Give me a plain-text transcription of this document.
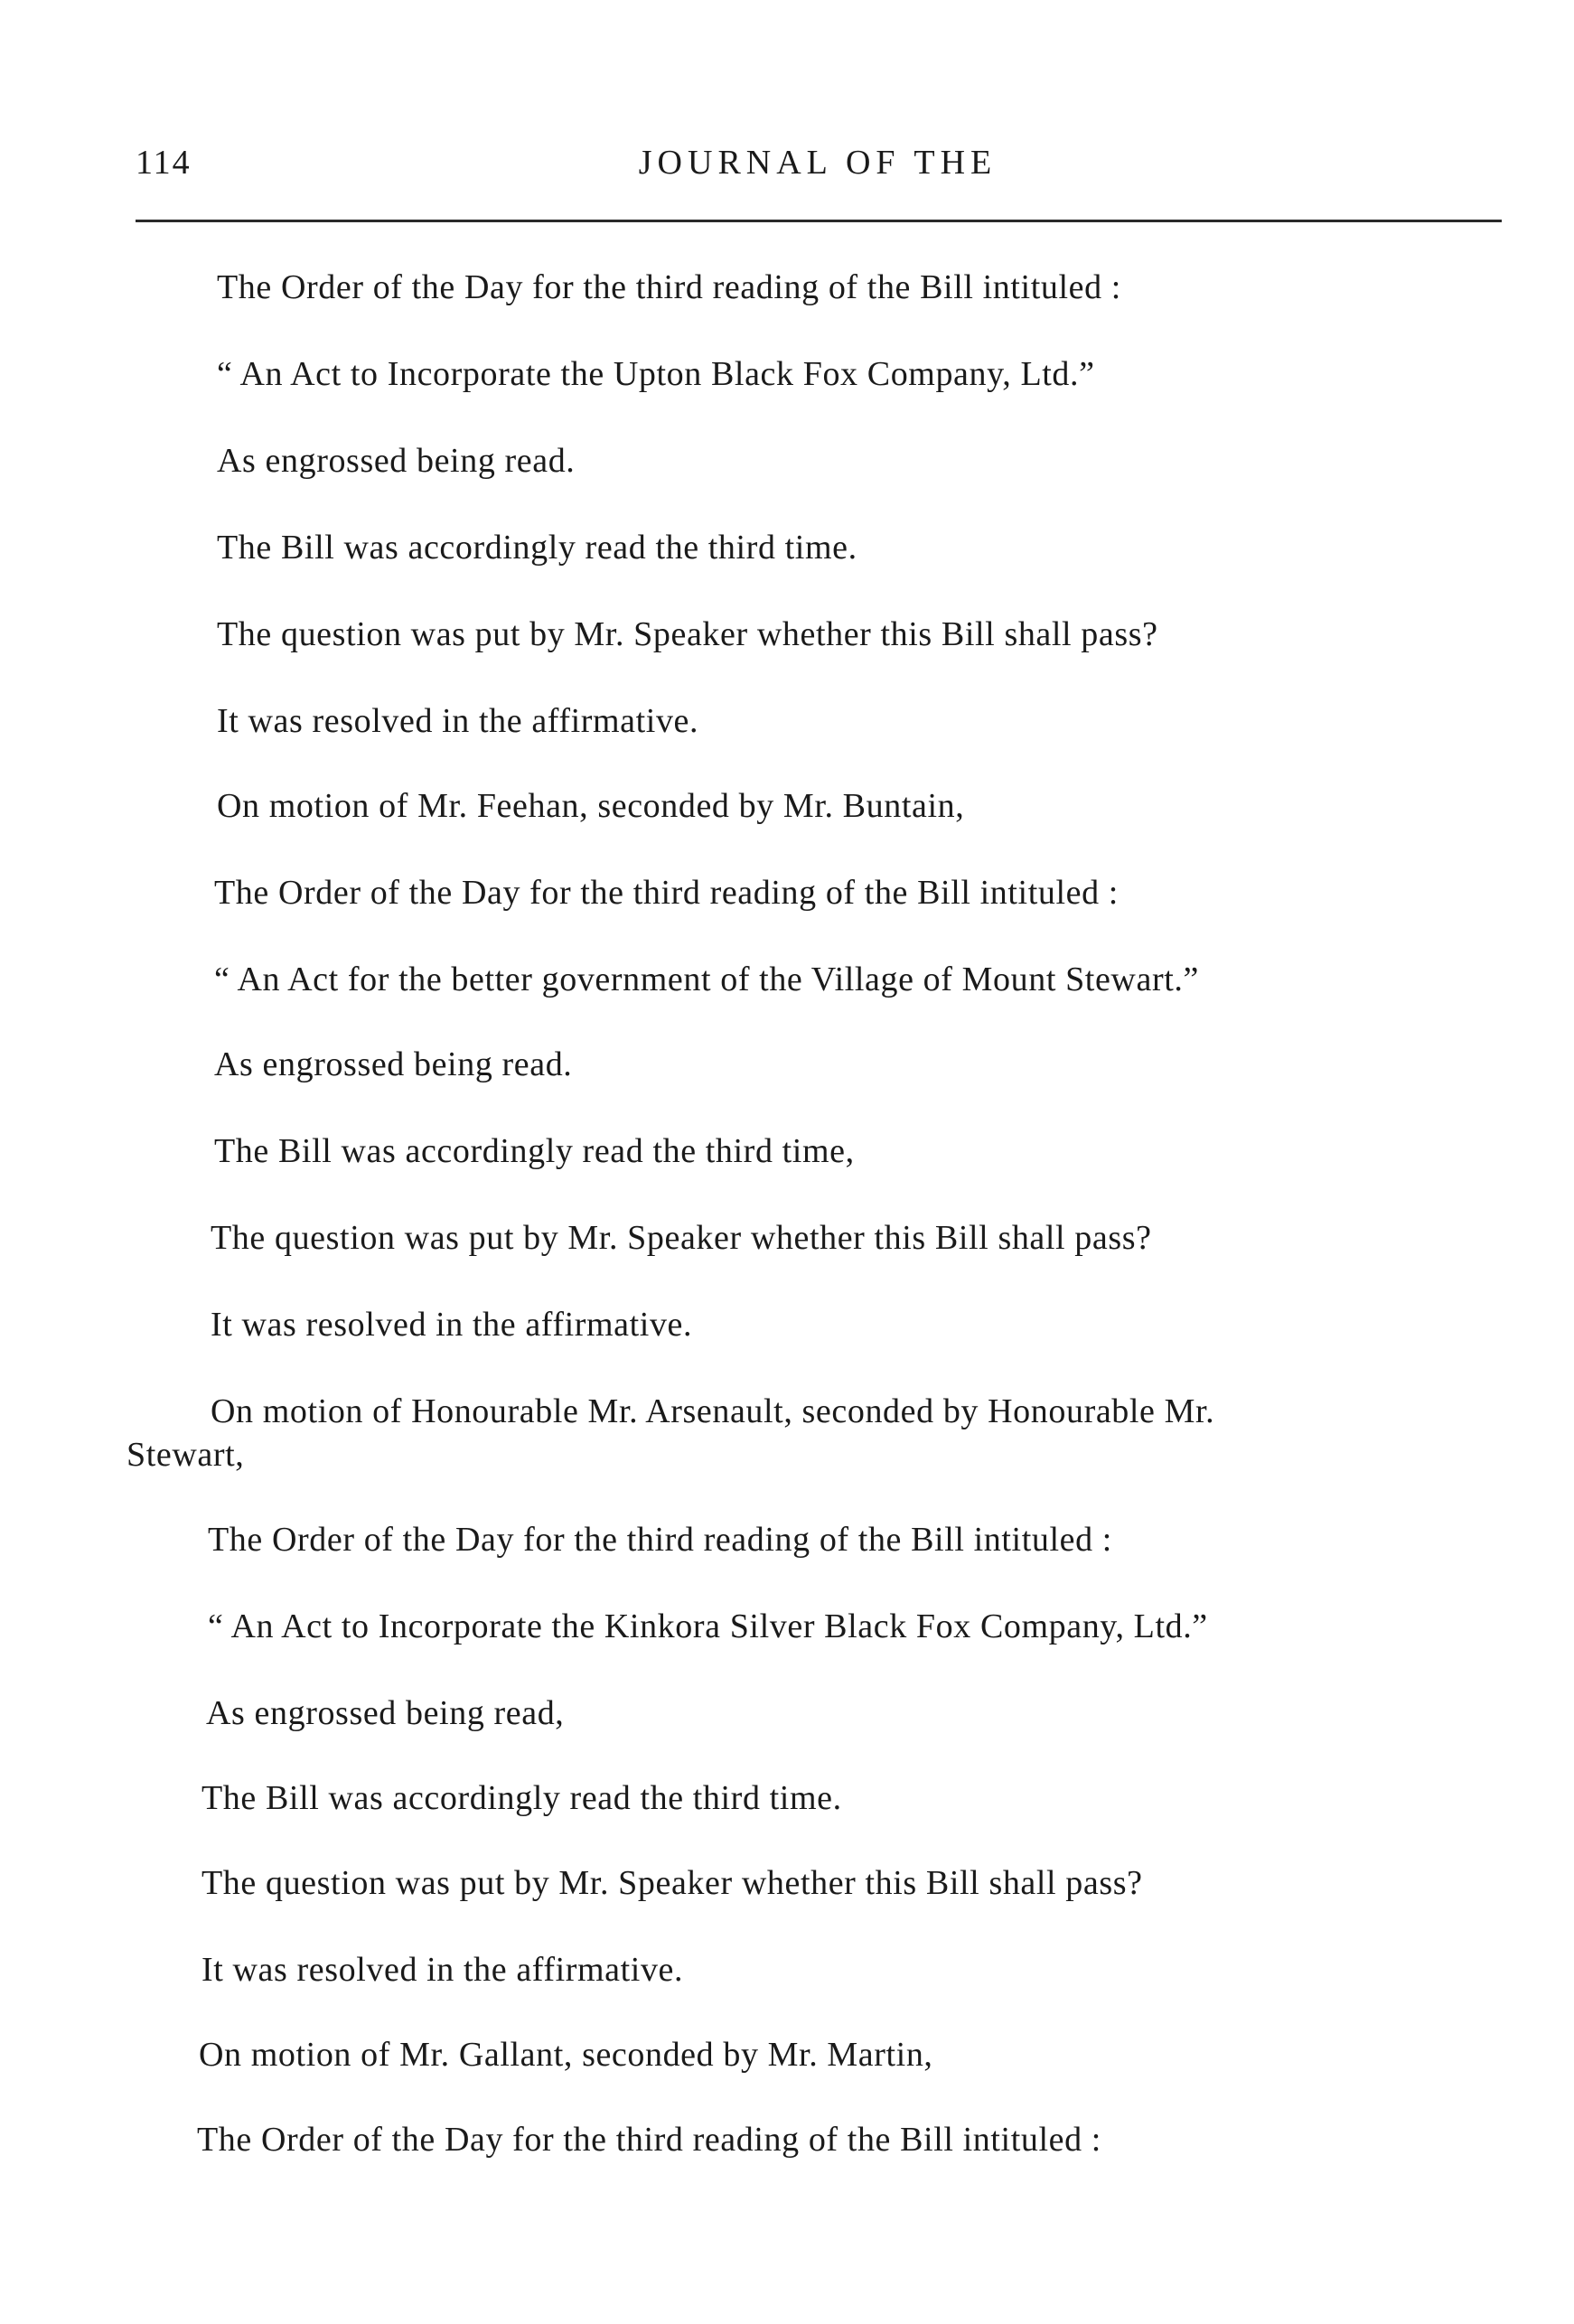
114	JOURNAL OF THE
The Order of the Day for the third reading of the Bill intituled :
“ An Act to Incorporate the Upton Black Fox Company, Ltd.”
As engrossed being read.
The Bill was accordingly read the third time.
The question was put by Mr. Speaker whether this Bill shall pass?
It was resolved in the affirmative.
On motion of Mr. Feehan, seconded by Mr. Buntain,
The Order of the Day for the third reading of the Bill intituled :
“ An Act for the better government of the Village of Mount Stewart.”
As engrossed being read.
The Bill was accordingly read the third time,
The question was put by Mr. Speaker whether this Bill shall pass?
It was resolved in the affirmative.
On motion of Honourable Mr. Arsenault, seconded by Honourable Mr.
Stewart,
The Order of the Day for the third reading of the Bill intituled :
“ An Act to Incorporate the Kinkora Silver Black Fox Company, Ltd.”
As engrossed being read,
The Bill was accordingly read the third time.
The question was put by Mr. Speaker whether this Bill shall pass?
It was resolved in the affirmative.
On motion of Mr. Gallant, seconded by Mr. Martin,
The Order of the Day for the third reading of the Bill intituled :
